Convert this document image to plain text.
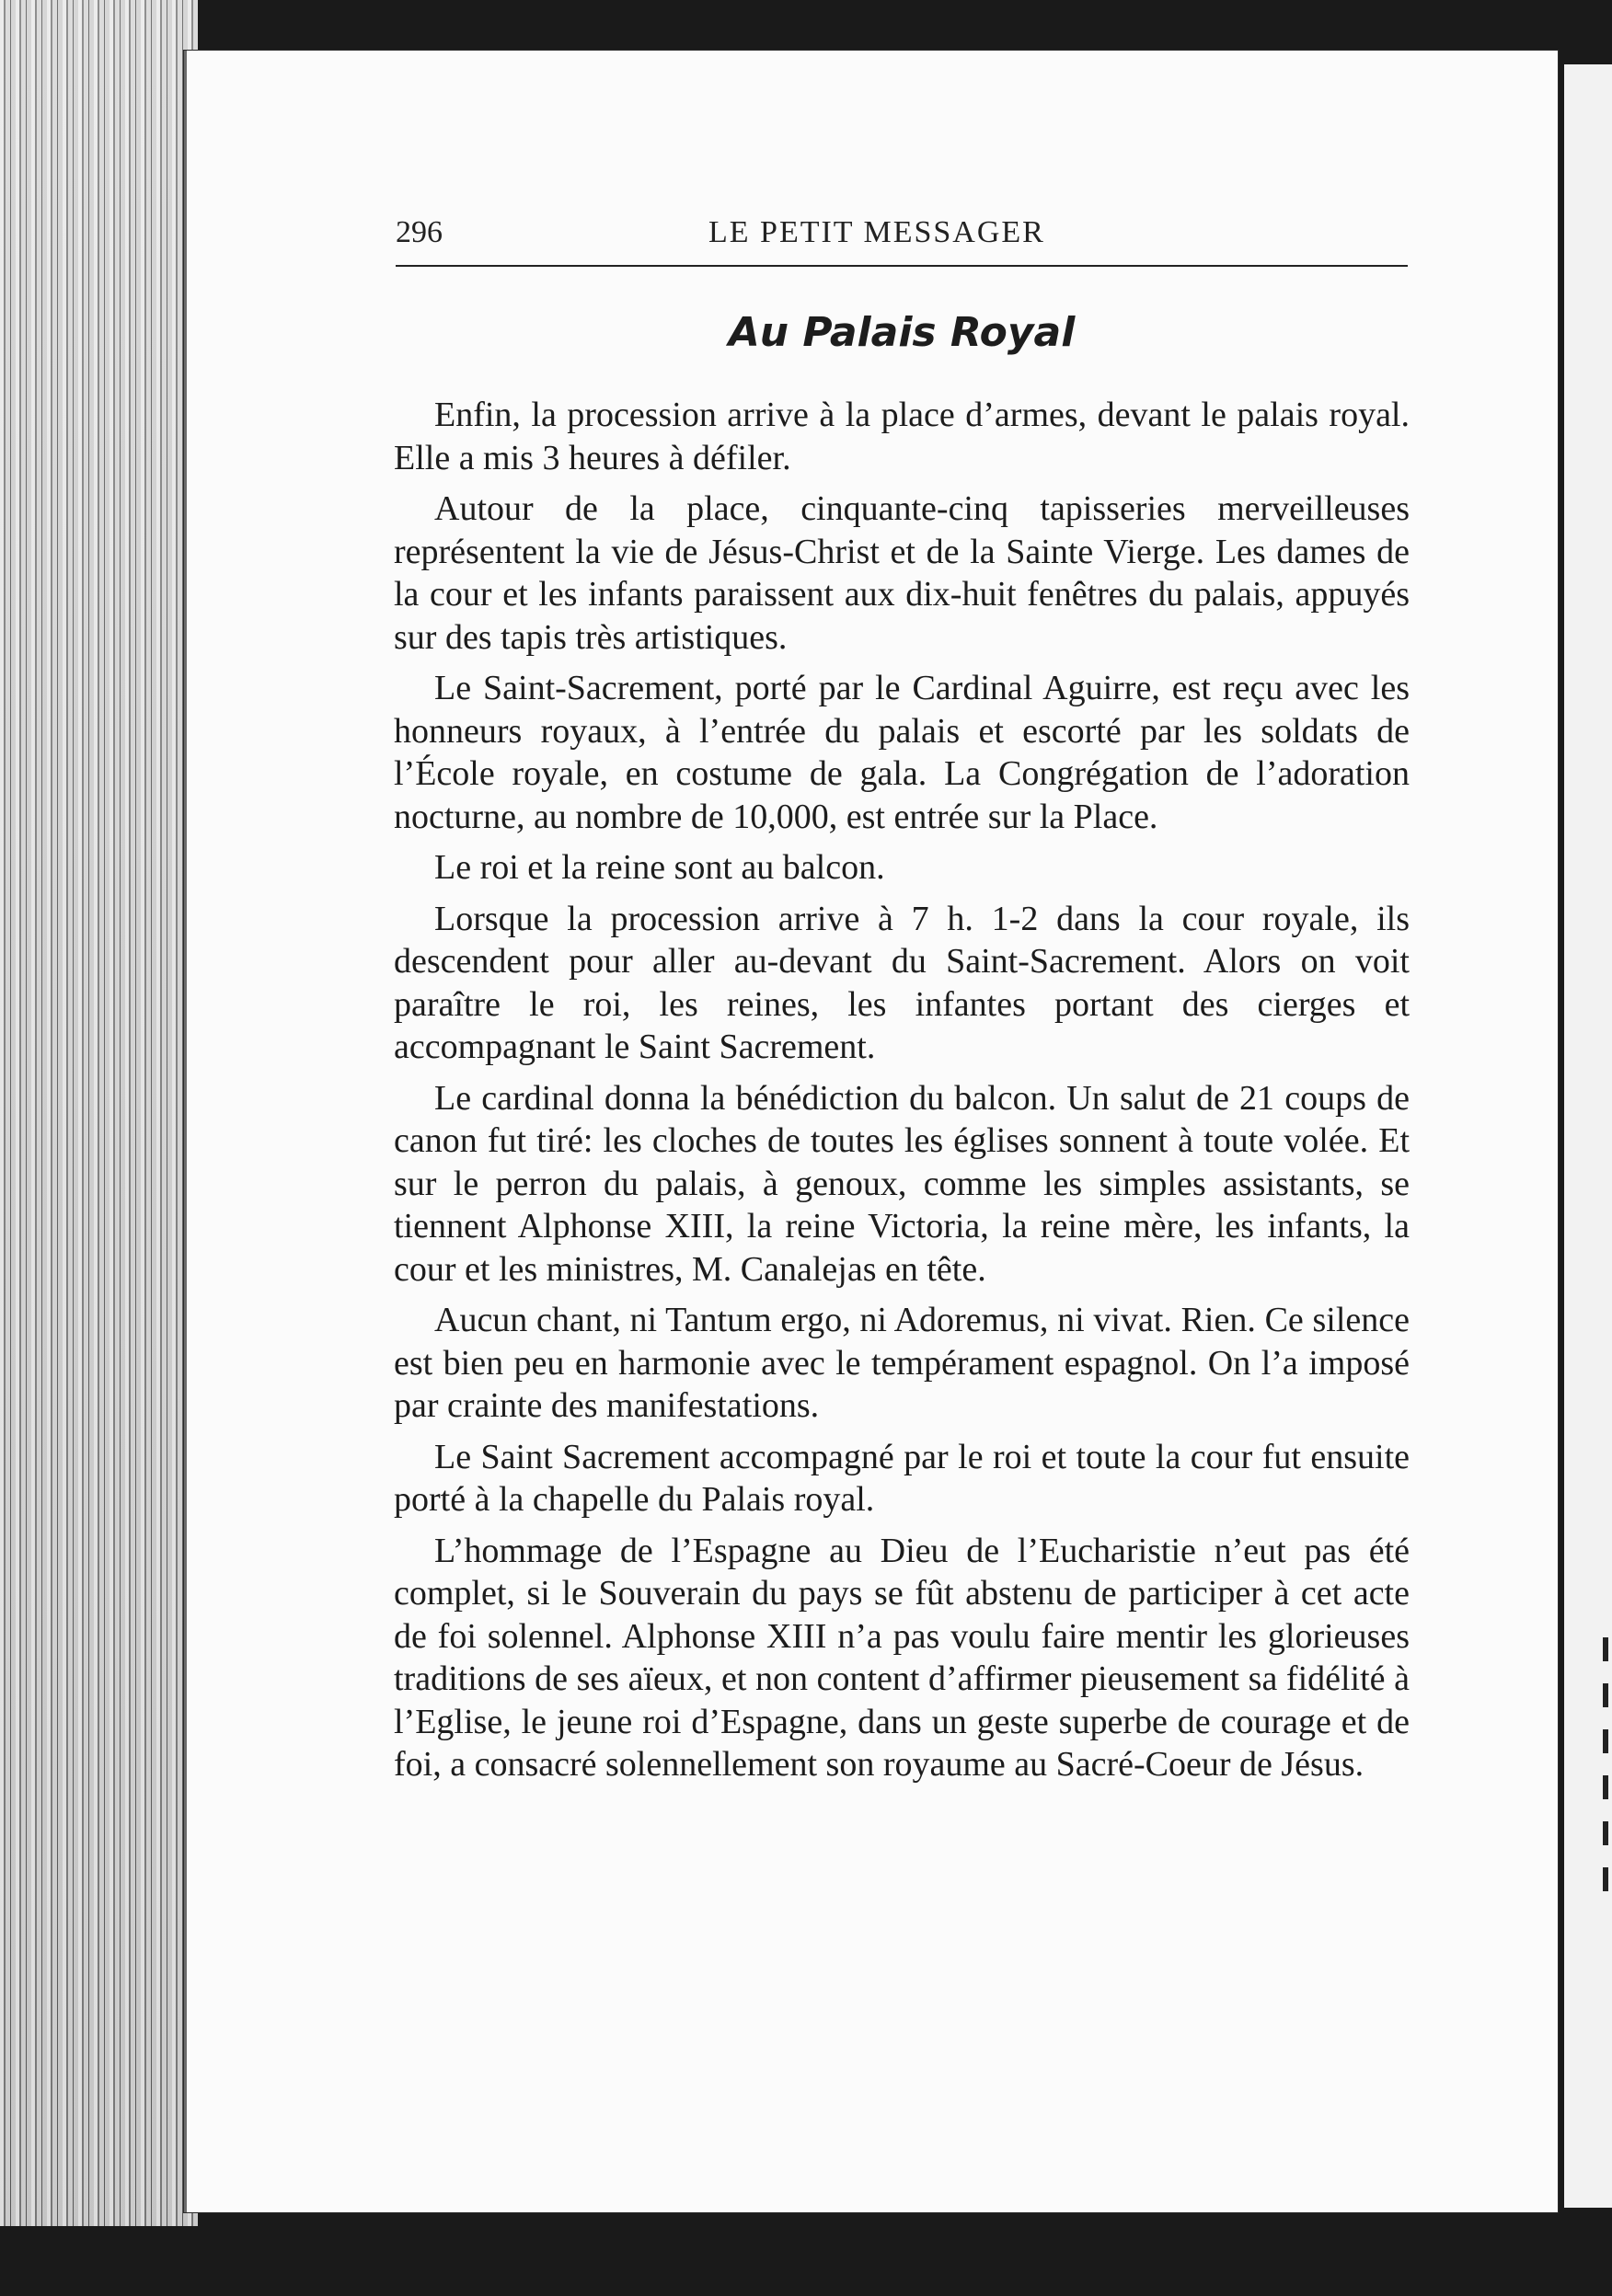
296	LE PETIT MESSAGER
Au Palais Royal

Enfin, la procession arrive à la place d’armes, devant le palais royal. Elle a mis 3 heures à défiler.

Autour de la place, cinquante-cinq tapisseries merveilleuses représentent la vie de Jésus-Christ et de la Sainte Vierge. Les dames de la cour et les infants paraissent aux dix-huit fenêtres du palais, appuyés sur des tapis très artistiques.

Le Saint-Sacrement, porté par le Cardinal Aguirre, est reçu avec les honneurs royaux, à l’entrée du palais et escorté par les soldats de l’École royale, en costume de gala. La Congrégation de l’adoration nocturne, au nombre de 10,000, est entrée sur la Place.

Le roi et la reine sont au balcon.

Lorsque la procession arrive à 7 h. 1-2 dans la cour royale, ils descendent pour aller au-devant du Saint-Sacrement. Alors on voit paraître le roi, les reines, les infantes portant des cierges et accompagnant le Saint Sacrement.

Le cardinal donna la bénédiction du balcon. Un salut de 21 coups de canon fut tiré: les cloches de toutes les églises sonnent à toute volée. Et sur le perron du palais, à genoux, comme les simples assistants, se tiennent Alphonse XIII, la reine Victoria, la reine mère, les infants, la cour et les ministres, M. Canalejas en tête.

Aucun chant, ni Tantum ergo, ni Adoremus, ni vivat. Rien. Ce silence est bien peu en harmonie avec le tempérament espagnol. On l’a imposé par crainte des manifestations.

Le Saint Sacrement accompagné par le roi et toute la cour fut ensuite porté à la chapelle du Palais royal.

L’hommage de l’Espagne au Dieu de l’Eucharistie n’eut pas été complet, si le Souverain du pays se fût abstenu de participer à cet acte de foi solennel. Alphonse XIII n’a pas voulu faire mentir les glorieuses traditions de ses aïeux, et non content d’affirmer pieusement sa fidélité à l’Eglise, le jeune roi d’Espagne, dans un geste superbe de courage et de foi, a consacré solennellement son royaume au Sacré-Coeur de Jésus.
